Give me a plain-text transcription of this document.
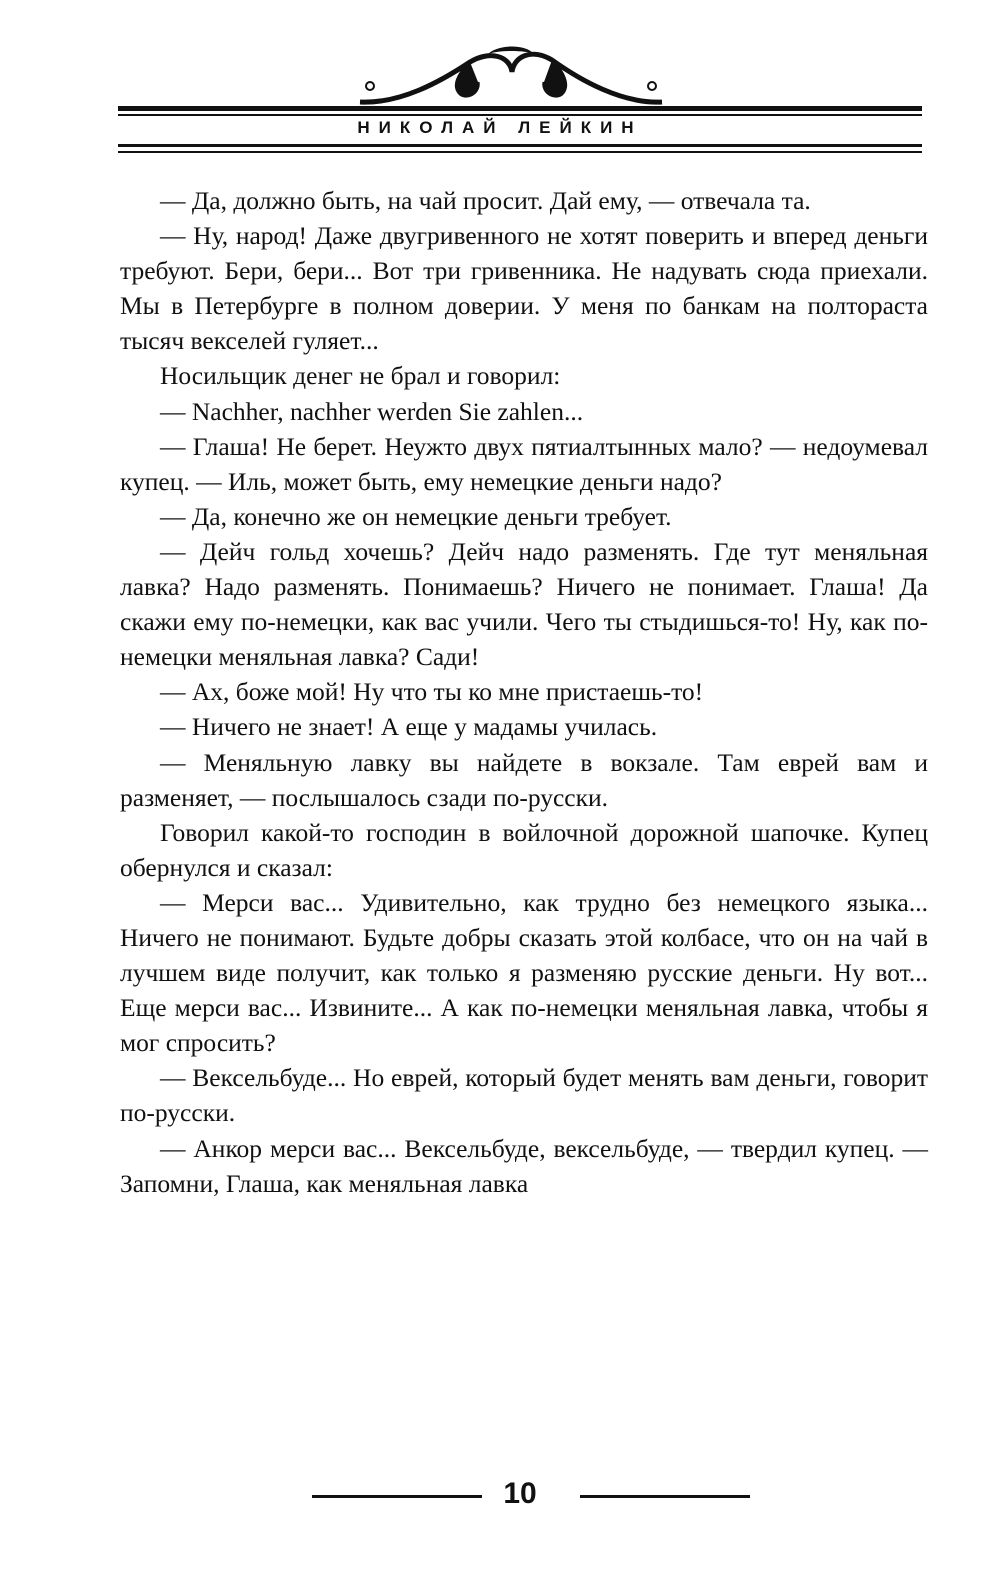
НИКОЛАЙ ЛЕЙКИН

— Да, должно быть, на чай просит. Дай ему, — отвечала та.

— Ну, народ! Даже двугривенного не хотят поверить и вперед деньги требуют. Бери, бери... Вот три гривенника. Не надувать сюда приехали. Мы в Петербурге в полном доверии. У меня по банкам на полтораста тысяч векселей гуляет...

Носильщик денег не брал и говорил:

— Nachher, nachher werden Sie zahlen...

— Глаша! Не берет. Неужто двух пятиалтынных мало? — недоумевал купец. — Иль, может быть, ему немецкие деньги надо?

— Да, конечно же он немецкие деньги требует.

— Дейч гольд хочешь? Дейч надо разменять. Где тут меняльная лавка? Надо разменять. Понимаешь? Ничего не понимает. Глаша! Да скажи ему по-немецки, как вас учили. Чего ты стыдишься-то! Ну, как по-немецки меняльная лавка? Сади!

— Ах, боже мой! Ну что ты ко мне пристаешь-то!

— Ничего не знает! А еще у мадамы училась.

— Меняльную лавку вы найдете в вокзале. Там еврей вам и разменяет, — послышалось сзади по-русски.

Говорил какой-то господин в войлочной дорожной шапочке. Купец обернулся и сказал:

— Мерси вас... Удивительно, как трудно без немецкого языка... Ничего не понимают. Будьте добры сказать этой колбасе, что он на чай в лучшем виде получит, как только я разменяю русские деньги. Ну вот... Еще мерси вас... Извините... А как по-немецки меняльная лавка, чтобы я мог спросить?

— Вексельбуде... Но еврей, который будет менять вам деньги, говорит по-русски.

— Анкор мерси вас... Вексельбуде, вексельбуде, — твердил купец. — Запомни, Глаша, как меняльная лавка

10
